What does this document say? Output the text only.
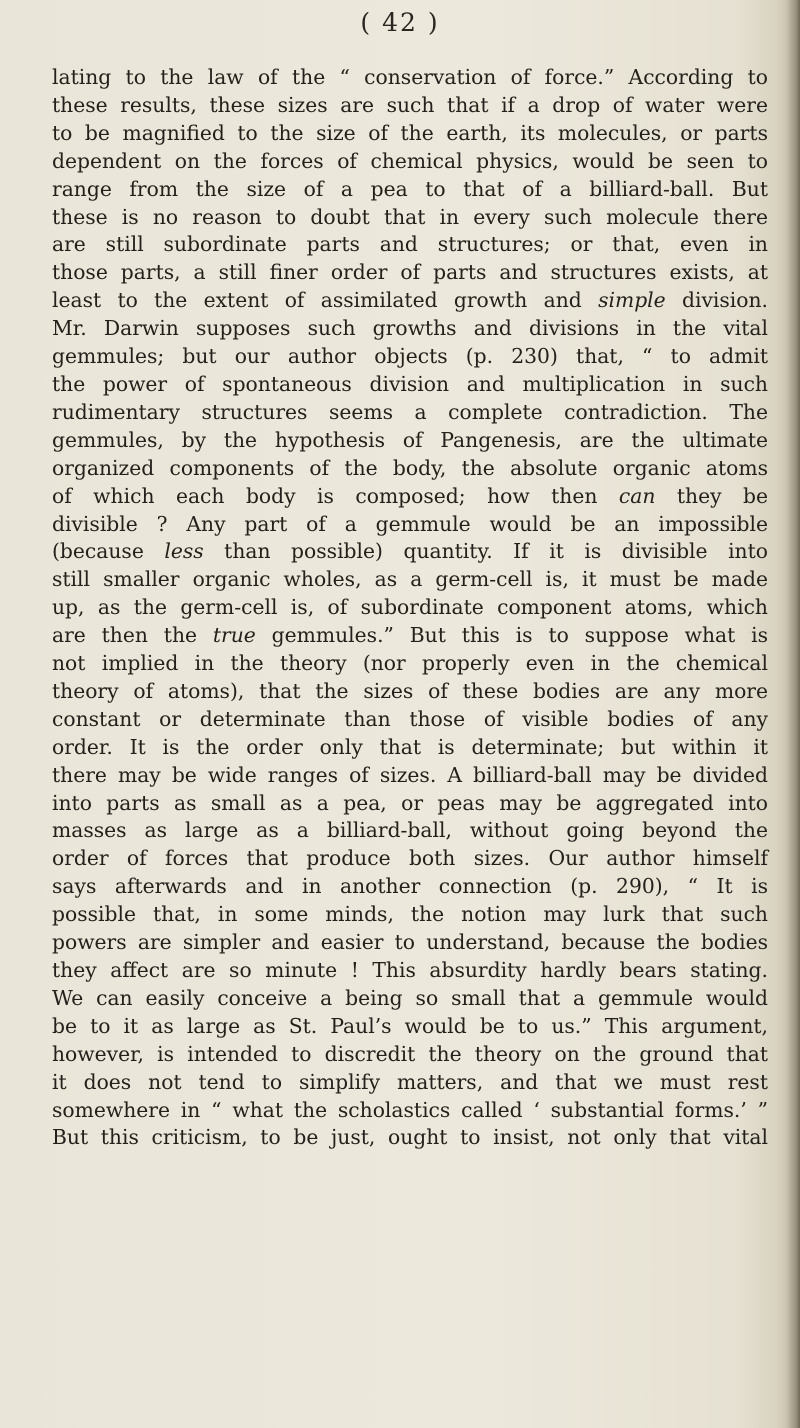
( 42 )
lating to the law of the “ conservation of force.” According to
these results, these sizes are such that if a drop of water were
to be magnified to the size of the earth, its molecules, or parts
dependent on the forces of chemical physics, would be seen to
range from the size of a pea to that of a billiard-ball. But
these is no reason to doubt that in every such molecule there
are still subordinate parts and structures; or that, even in
those parts, a still finer order of parts and structures exists, at
least to the extent of assimilated growth and simple division.
Mr. Darwin supposes such growths and divisions in the vital
gemmules; but our author objects (p. 230) that, “ to admit
the power of spontaneous division and multiplication in such
rudimentary structures seems a complete contradiction. The
gemmules, by the hypothesis of Pangenesis, are the ultimate
organized components of the body, the absolute organic atoms
of which each body is composed; how then can they be
divisible ? Any part of a gemmule would be an impossible
(because less than possible) quantity. If it is divisible into
still smaller organic wholes, as a germ-cell is, it must be made
up, as the germ-cell is, of subordinate component atoms, which
are then the true gemmules.” But this is to suppose what is
not implied in the theory (nor properly even in the chemical
theory of atoms), that the sizes of these bodies are any more
constant or determinate than those of visible bodies of any
order. It is the order only that is determinate; but within it
there may be wide ranges of sizes. A billiard-ball may be divided
into parts as small as a pea, or peas may be aggregated into
masses as large as a billiard-ball, without going beyond the
order of forces that produce both sizes. Our author himself
says afterwards and in another connection (p. 290), “ It is
possible that, in some minds, the notion may lurk that such
powers are simpler and easier to understand, because the bodies
they affect are so minute ! This absurdity hardly bears stating.
We can easily conceive a being so small that a gemmule would
be to it as large as St. Paul’s would be to us.” This argument,
however, is intended to discredit the theory on the ground that
it does not tend to simplify matters, and that we must rest
somewhere in “ what the scholastics called ‘ substantial forms.’ ”
But this criticism, to be just, ought to insist, not only that vital
